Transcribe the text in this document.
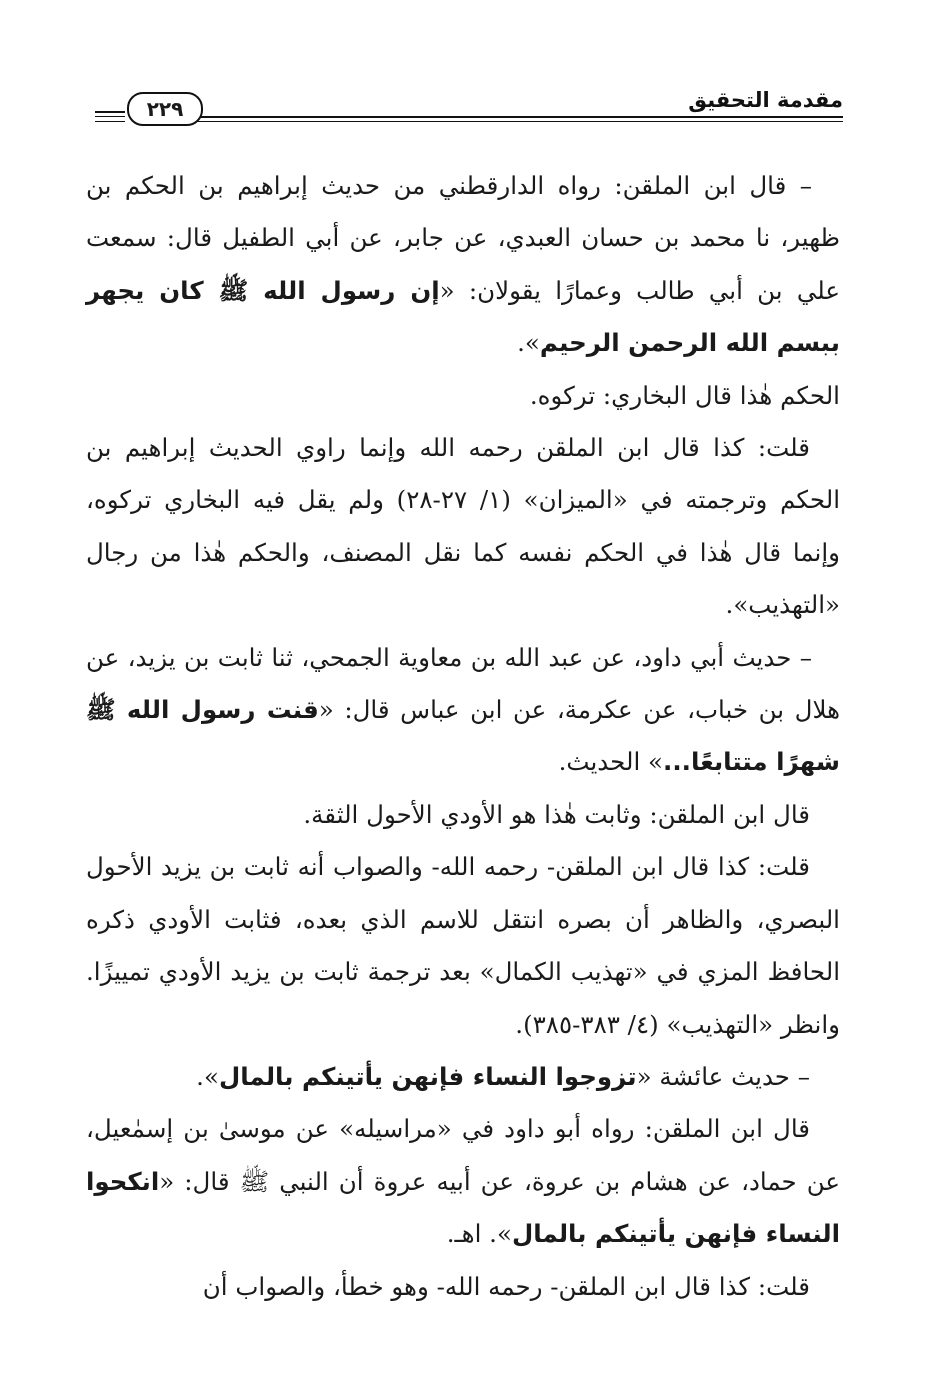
مقدمة التحقيق
٢٢٩

– قال ابن الملقن: رواه الدارقطني من حديث إبراهيم بن الحكم بن ظهير، نا محمد بن حسان العبدي، عن جابر، عن أبي الطفيل قال: سمعت علي بن أبي طالب وعمارًا يقولان: «إن رسول الله ﷺ كان يجهر ببسم الله الرحمن الرحيم».

الحكم هٰذا قال البخاري: تركوه.

قلت: كذا قال ابن الملقن رحمه الله وإنما راوي الحديث إبراهيم بن الحكم وترجمته في «الميزان» (١/ ٢٧-٢٨) ولم يقل فيه البخاري تركوه، وإنما قال هٰذا في الحكم نفسه كما نقل المصنف، والحكم هٰذا من رجال «التهذيب».

– حديث أبي داود، عن عبد الله بن معاوية الجمحي، ثنا ثابت بن يزيد، عن هلال بن خباب، عن عكرمة، عن ابن عباس قال: «قنت رسول الله ﷺ شهرًا متتابعًا...» الحديث.

قال ابن الملقن: وثابت هٰذا هو الأودي الأحول الثقة.

قلت: كذا قال ابن الملقن- رحمه الله- والصواب أنه ثابت بن يزيد الأحول البصري، والظاهر أن بصره انتقل للاسم الذي بعده، فثابت الأودي ذكره الحافظ المزي في «تهذيب الكمال» بعد ترجمة ثابت بن يزيد الأودي تمييزًا. وانظر «التهذيب» (٤/ ٣٨٣-٣٨٥).

– حديث عائشة «تزوجوا النساء فإنهن يأتينكم بالمال».

قال ابن الملقن: رواه أبو داود في «مراسيله» عن موسىٰ بن إسمٰعيل، عن حماد، عن هشام بن عروة، عن أبيه عروة أن النبي ﷺ قال: «انكحوا النساء فإنهن يأتينكم بالمال». اهـ.

قلت: كذا قال ابن الملقن- رحمه الله- وهو خطأ، والصواب أن
